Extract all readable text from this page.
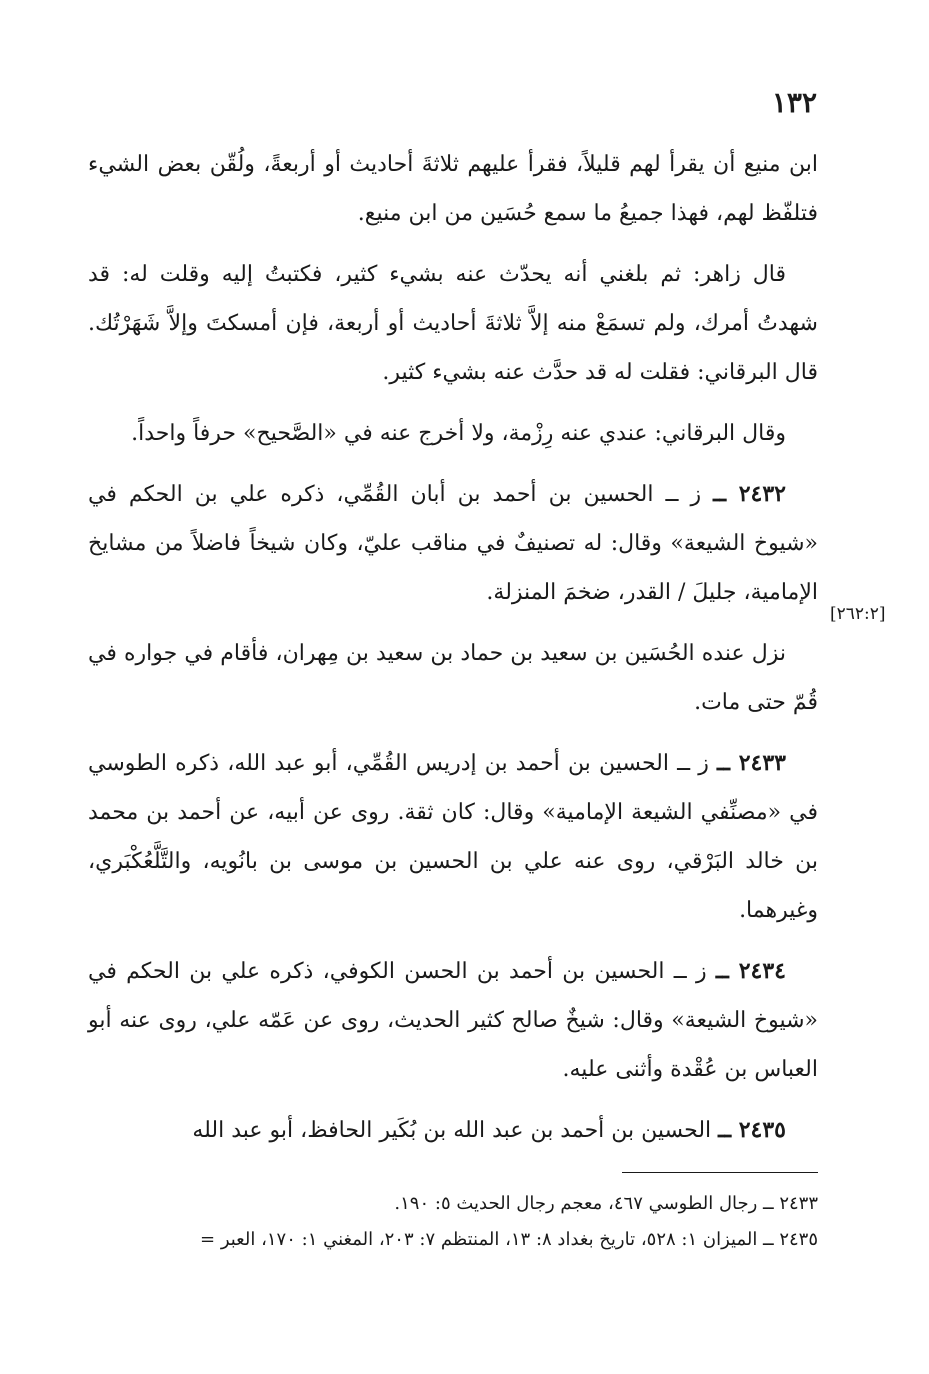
١٣٢

ابن منيع أن يقرأ لهم قليلاً، فقرأ عليهم ثلاثةَ أحاديث أو أربعةً، ولُقّن بعض الشيء فتلفّظ لهم، فهذا جميعُ ما سمع حُسَين من ابن منيع.

قال زاهر: ثم بلغني أنه يحدّث عنه بشيء كثير، فكتبتُ إليه وقلت له: قد شهدتُ أمرك، ولم تسمَعْ منه إلاَّ ثلاثةَ أحاديث أو أربعة، فإن أمسكتَ وإلاَّ شَهَرْتُك. قال البرقاني: فقلت له قد حدَّث عنه بشيء كثير.

وقال البرقاني: عندي عنه رِزْمة، ولا أخرج عنه في «الصَّحيح» حرفاً واحداً.

٢٤٣٢ ــ ز ــ الحسين بن أحمد بن أبان القُمِّي، ذكره علي بن الحكم في «شيوخ الشيعة» وقال: له تصنيفٌ في مناقب عليّ، وكان شيخاً فاضلاً من مشايخ الإمامية، جليلَ / القدر، ضخمَ المنزلة.

نزل عنده الحُسَين بن سعيد بن حماد بن سعيد بن مِهران، فأقام في جواره في قُمّ حتى مات.

٢٤٣٣ ــ ز ــ الحسين بن أحمد بن إدريس القُمِّي، أبو عبد الله، ذكره الطوسي في «مصنِّفي الشيعة الإمامية» وقال: كان ثقة. روى عن أبيه، عن أحمد بن محمد بن خالد البَرْقي، روى عنه علي بن الحسين بن موسى بن بانُويه، والتَّلَّعُكْبَري، وغيرهما.

٢٤٣٤ ــ ز ــ الحسين بن أحمد بن الحسن الكوفي، ذكره علي بن الحكم في «شيوخ الشيعة» وقال: شيخٌ صالح كثير الحديث، روى عن عَمّه علي، روى عنه أبو العباس بن عُقْدة وأثنى عليه.

٢٤٣٥ ــ الحسين بن أحمد بن عبد الله بن بُكَير الحافظ، أبو عبد الله

[٢٦٢:٢]

٢٤٣٣ ــ رجال الطوسي ٤٦٧، معجم رجال الحديث ٥: ١٩٠.

٢٤٣٥ ــ الميزان ١: ٥٢٨، تاريخ بغداد ٨: ١٣، المنتظم ٧: ٢٠٣، المغني ١: ١٧٠، العبر =
